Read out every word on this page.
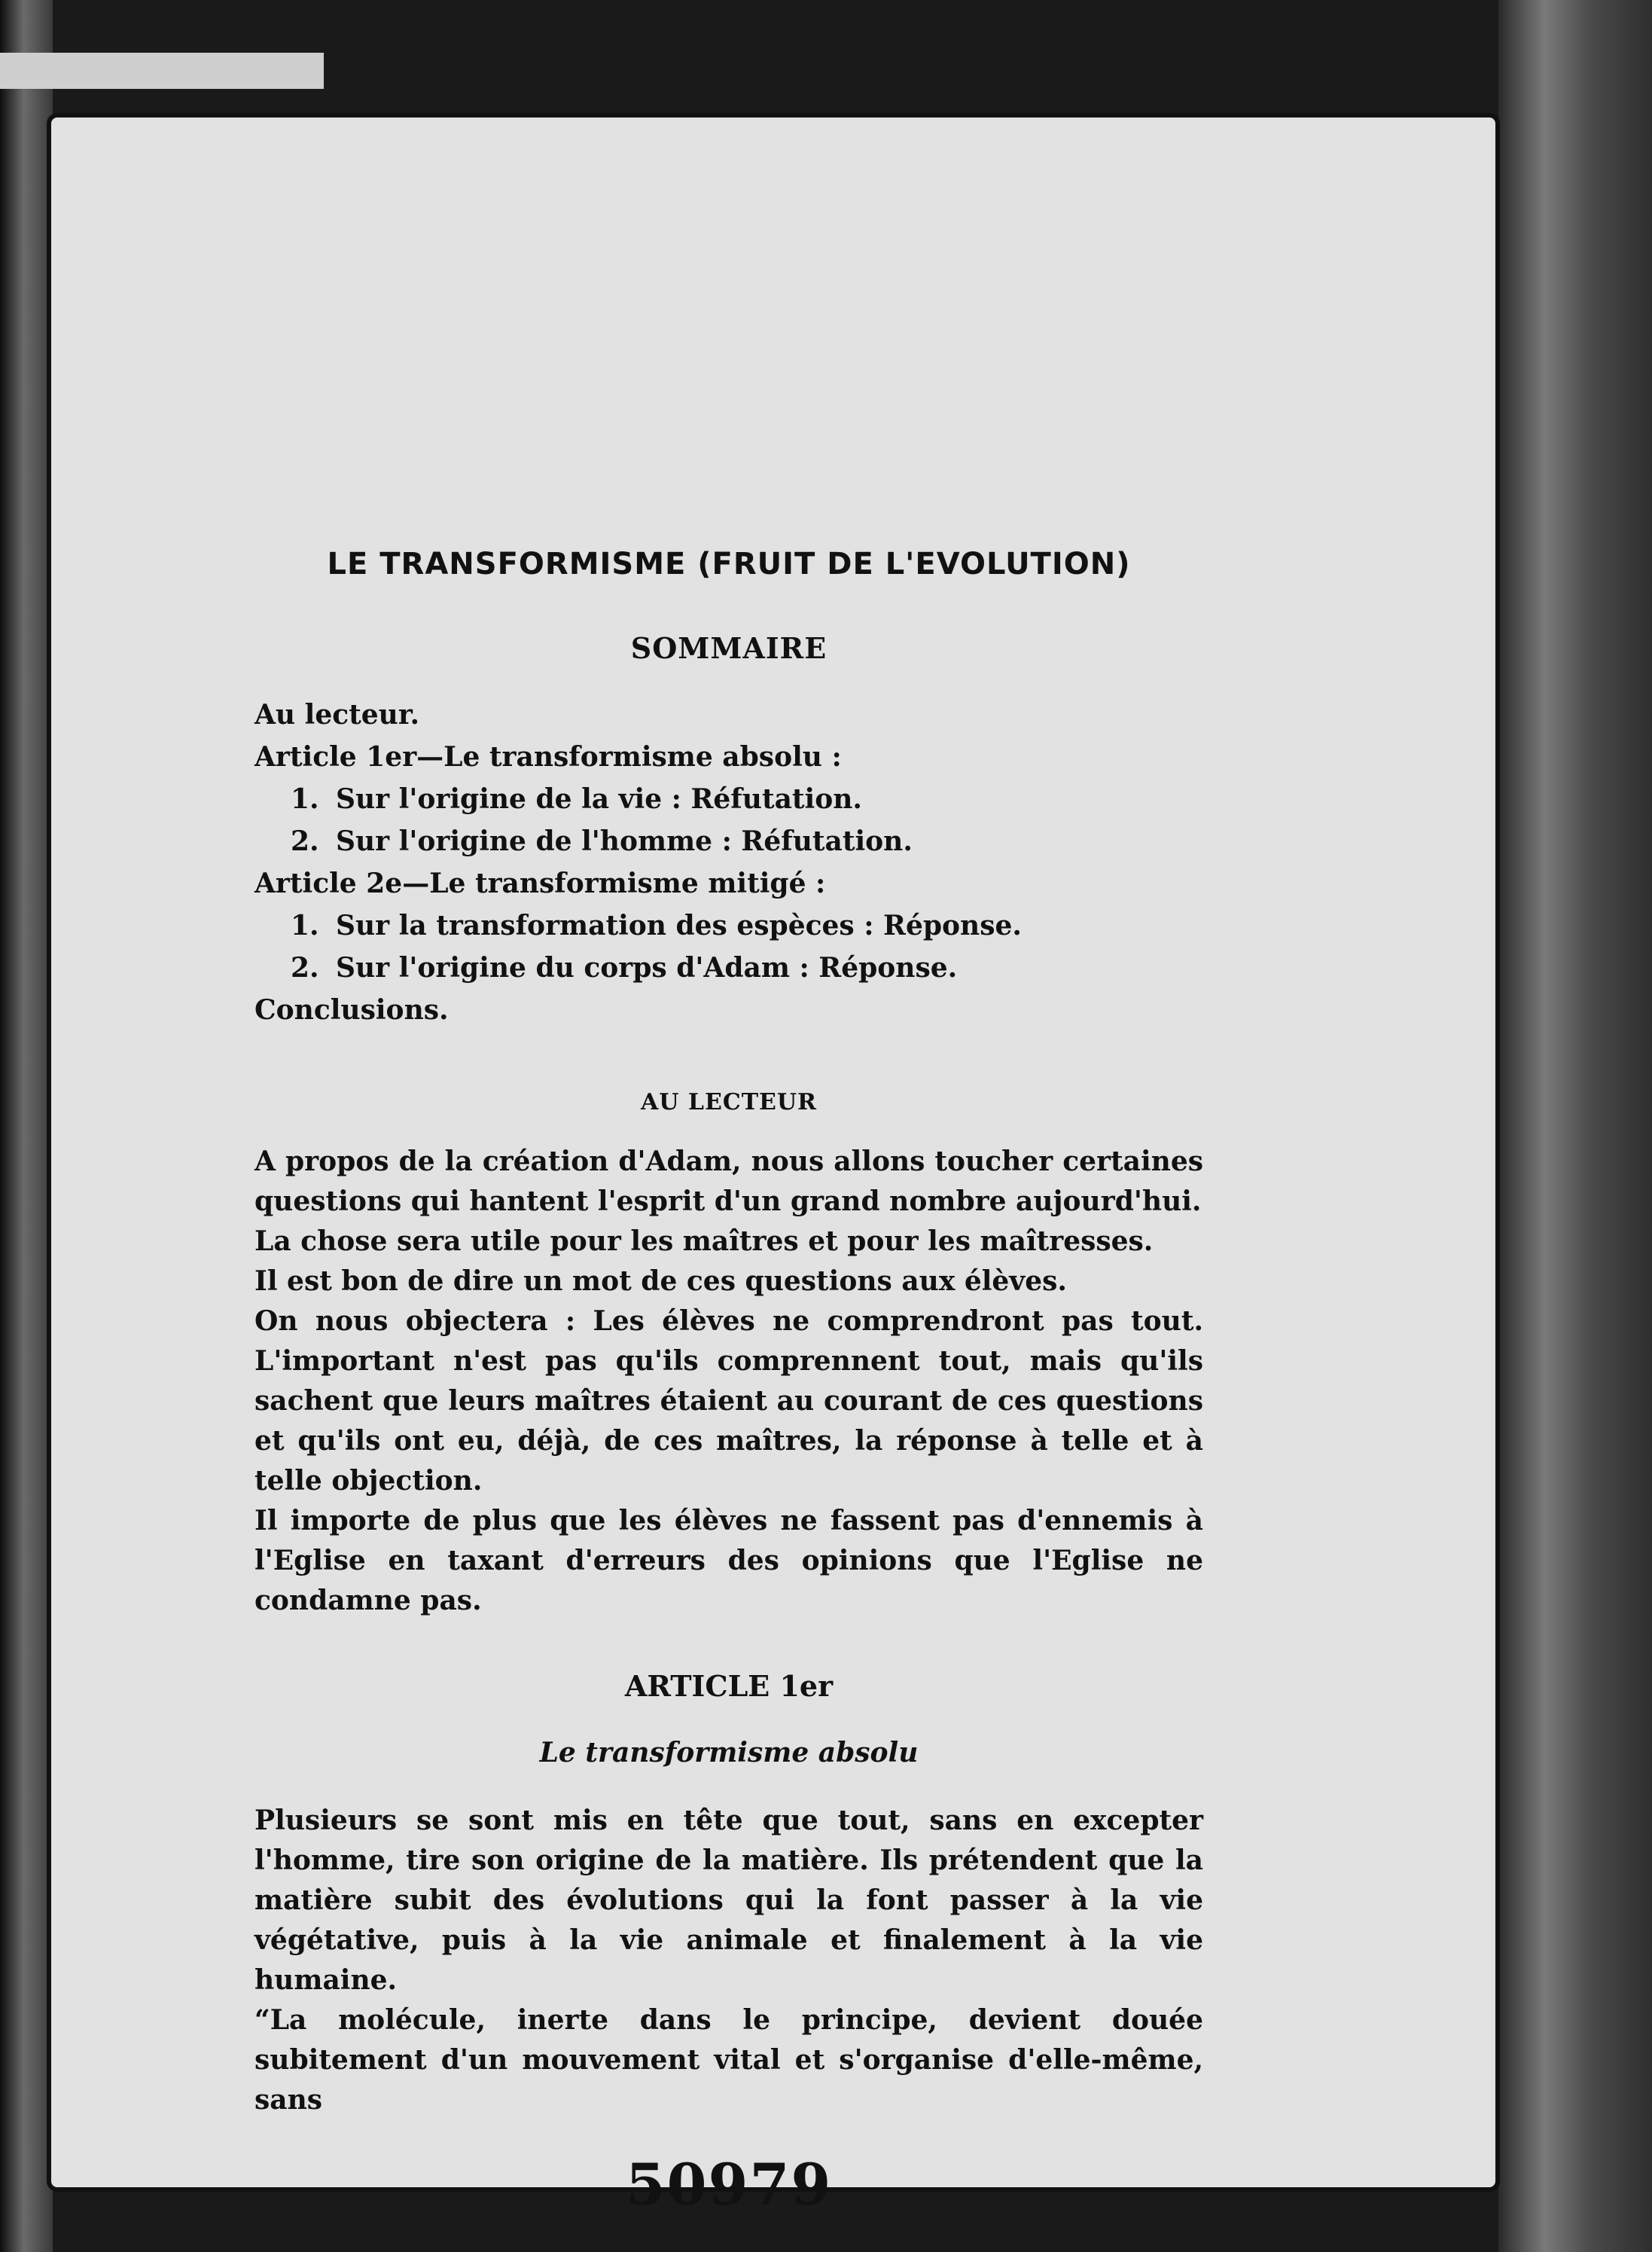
LE TRANSFORMISME (FRUIT DE L'EVOLUTION)
SOMMAIRE
Au lecteur.
Article 1er—Le transformisme absolu :
1. Sur l'origine de la vie : Réfutation.
2. Sur l'origine de l'homme : Réfutation.
Article 2e—Le transformisme mitigé :
1. Sur la transformation des espèces : Réponse.
2. Sur l'origine du corps d'Adam : Réponse.
Conclusions.
AU LECTEUR

A propos de la création d'Adam, nous allons toucher certaines questions qui hantent l'esprit d'un grand nombre aujourd'hui.

La chose sera utile pour les maîtres et pour les maîtresses.

Il est bon de dire un mot de ces questions aux élèves.

On nous objectera : Les élèves ne comprendront pas tout. L'important n'est pas qu'ils comprennent tout, mais qu'ils sachent que leurs maîtres étaient au courant de ces questions et qu'ils ont eu, déjà, de ces maîtres, la réponse à telle et à telle objection.

Il importe de plus que les élèves ne fassent pas d'ennemis à l'Eglise en taxant d'erreurs des opinions que l'Eglise ne condamne pas.

ARTICLE 1er
Le transformisme absolu

Plusieurs se sont mis en tête que tout, sans en excepter l'homme, tire son origine de la matière. Ils prétendent que la matière subit des évolutions qui la font passer à la vie végétative, puis à la vie animale et finalement à la vie humaine.

“La molécule, inerte dans le principe, devient douée subitement d'un mouvement vital et s'organise d'elle-même, sans

50979
